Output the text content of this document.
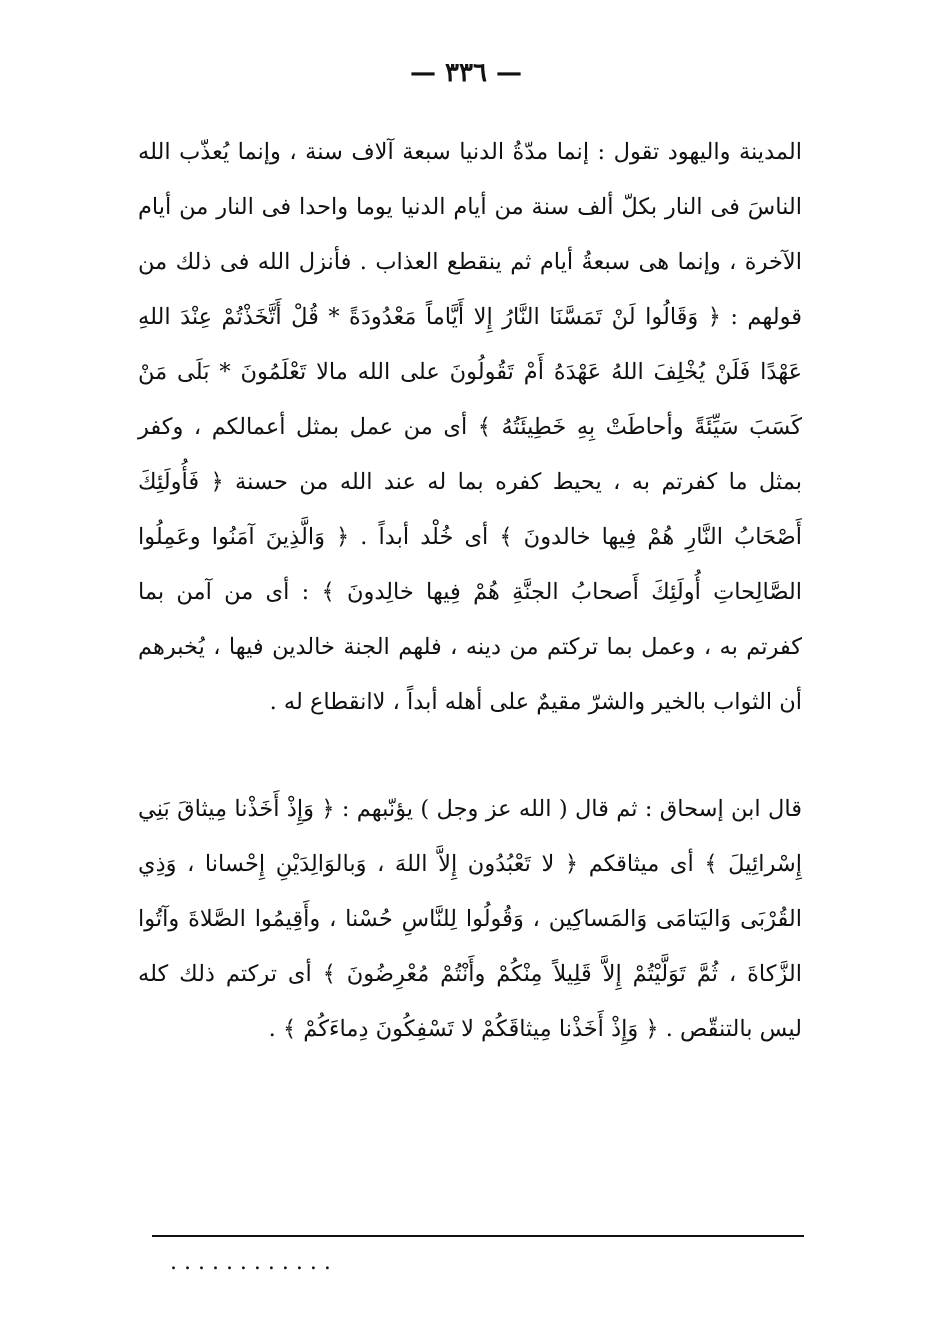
— ٣٣٦ —

المدينة واليهود تقول : إنما مدّةُ الدنيا سبعة آلاف سنة ، وإنما يُعذّب الله الناسَ فى النار بكلّ ألف سنة من أيام الدنيا يوما واحدا فى النار من أيام الآخرة ، وإنما هى سبعةُ أيام ثم ينقطع العذاب . فأنزل الله فى ذلك من قولهم : ﴿ وَقَالُوا لَنْ تَمَسَّنَا النَّارُ إِلا أَيَّاماً مَعْدُودَةً * قُلْ أَتَّخَذْتُمْ عِنْدَ اللهِ عَهْدًا فَلَنْ يُخْلِفَ اللهُ عَهْدَهُ أَمْ تَقُولُونَ على الله مالا تَعْلَمُونَ * بَلَى مَنْ كَسَبَ سَيِّئَةً وأحاطَتْ بِهِ خَطِيئَتُهُ ﴾ أى من عمل بمثل أعمالكم ، وكفر بمثل ما كفرتم به ، يحيط كفره بما له عند الله من حسنة ﴿ فَأُولَئِكَ أَصْحَابُ النَّارِ هُمْ فِيها خالدونَ ﴾ أى خُلْد أبداً . ﴿ وَالَّذِينَ آمَنُوا وعَمِلُوا الصَّالِحاتِ أُولَئِكَ أَصحابُ الجنَّةِ هُمْ فِيها خالِدونَ ﴾ : أى من آمن بما كفرتم به ، وعمل بما تركتم من دينه ، فلهم الجنة خالدين فيها ، يُخبرهم أن الثواب بالخير والشرّ مقيمٌ على أهله أبداً ، لاانقطاع له .

قال ابن إسحاق : ثم قال ( الله عز وجل ) يؤنّبهم : ﴿ وَإِذْ أَخَذْنا مِيثاقَ بَنِي إِسْرائِيلَ ﴾ أى ميثاقكم ﴿ لا تَعْبُدُون إِلاَّ اللهَ ، وَبالوَالِدَيْنِ إِحْسانا ، وَذِي القُرْبَى وَاليَتامَى وَالمَساكِين ، وَقُولُوا لِلنَّاسِ حُسْنا ، وأَقِيمُوا الصَّلاةَ وآتُوا الزَّكاةَ ، ثُمَّ تَوَلَّيْتُمْ إِلاَّ قَلِيلاً مِنْكُمْ وأَنْتُمْ مُعْرِضُونَ ﴾ أى تركتم ذلك كله ليس بالتنقّص . ﴿ وَإِذْ أَخَذْنا مِيثاقَكُمْ لا تَسْفِكُونَ دِماءَكُمْ ﴾ .

. . . . . . . . . . . .
